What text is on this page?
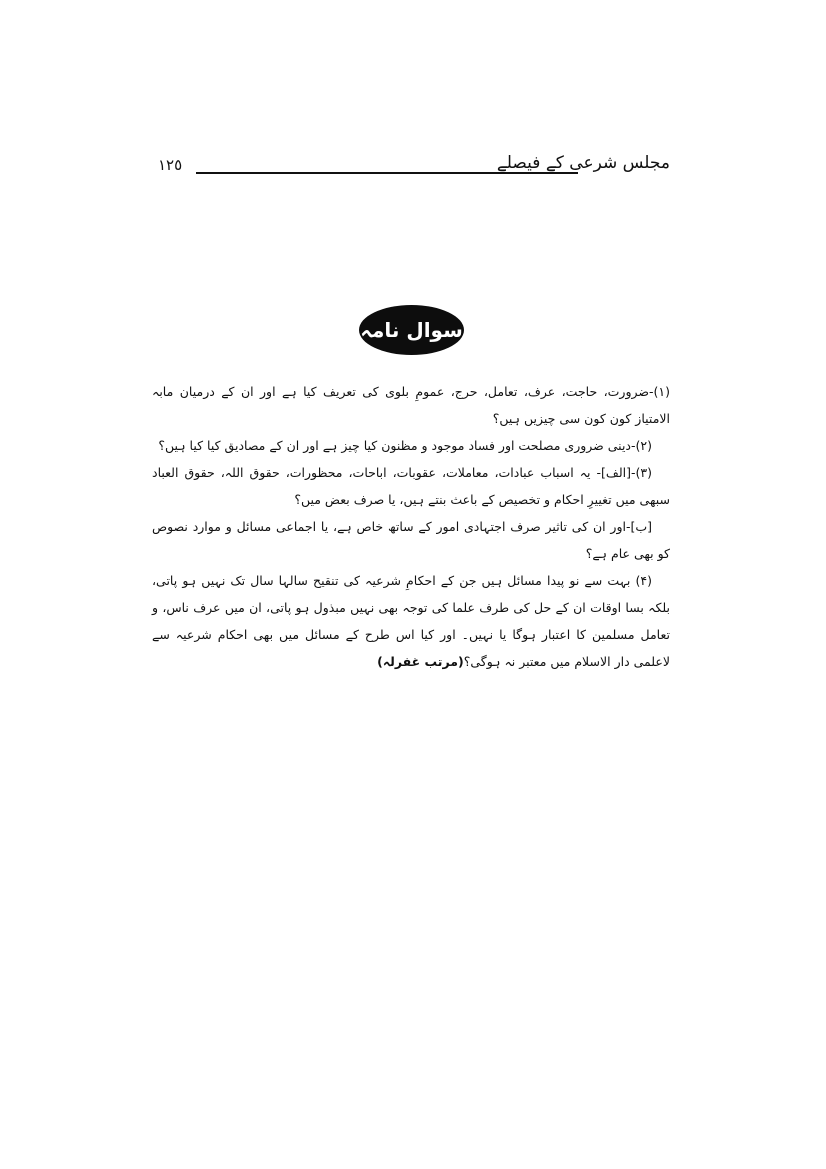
مجلس شرعی کے فیصلے
١٢٥
سوال نامہ

(۱)-ضرورت، حاجت، عرف، تعامل، حرج، عمومِ بلوی کی تعریف کیا ہے اور ان کے درمیان مابہ الامتیاز کون کون سی چیزیں ہیں؟

(۲)-دینی ضروری مصلحت اور فساد موجود و مظنون کیا چیز ہے اور ان کے مصادیق کیا کیا ہیں؟

(۳)-[الف]- یہ اسباب عبادات، معاملات، عقوبات، اباحات، محظورات، حقوق اللہ، حقوق العباد سبھی میں تغییرِ احکام و تخصیص کے باعث بنتے ہیں، یا صرف بعض میں؟

[ب]-اور ان کی تاثیر صرف اجتہادی امور کے ساتھ خاص ہے، یا اجماعی مسائل و موارد نصوص کو بھی عام ہے؟

(۴) بہت سے نو پیدا مسائل ہیں جن کے احکامِ شرعیہ کی تنقیح سالہا سال تک نہیں ہو پاتی، بلکہ بسا اوقات ان کے حل کی طرف علما کی توجہ بھی نہیں مبذول ہو پاتی، ان میں عرف ناس، و تعامل مسلمین کا اعتبار ہوگا یا نہیں۔ اور کیا اس طرح کے مسائل میں بھی احکام شرعیہ سے لاعلمی دار الاسلام میں معتبر نہ ہوگی؟(مرتب غفرلہ)
